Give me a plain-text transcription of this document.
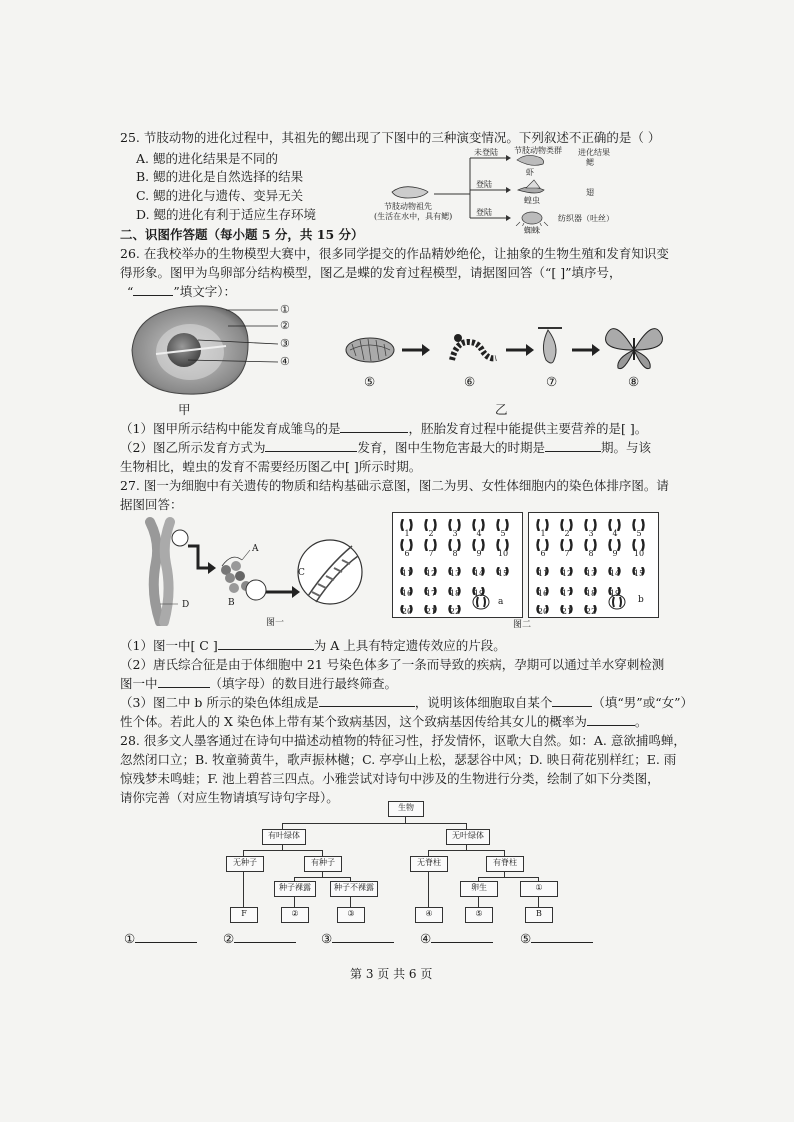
25. 节肢动物的进化过程中，其祖先的鳃出现了下图中的三种演变情况。下列叙述不正确的是（ ）
A. 鳃的进化结果是不同的
B. 鳃的进化是自然选择的结果
C. 鳃的进化与遗传、变异无关
D. 鳃的进化有利于适应生存环境
节肢动物祖先
(生活在水中，具有鳃)
未登陆
登陆
登陆
节肢动物类群 进化结果
虾
鳃
蝗虫
翅
蜘蛛
纺织器（吐丝）
二、识图作答题（每小题 5 分，共 15 分）
26. 在我校举办的生物模型大赛中，很多同学提交的作品精妙绝伦，让抽象的生物生殖和发育知识变
得形象。图甲为鸟卵部分结构模型，图乙是蝶的发育过程模型，请据图回答（“[ ]”填序号，
“	”填文字）：
①
②
③
④
甲
⑤	⑥	⑦	⑧
乙
（1）图甲所示结构中能发育成雏鸟的是	，胚胎发育过程中能提供主要营养的是[ ]。
（2）图乙所示发育方式为	发育，图中生物危害最大的时期是	期。与该
生物相比，蝗虫的发育不需要经历图乙中[ ]所示时期。
27. 图一为细胞中有关遗传的物质和结构基础示意图，图二为男、女性体细胞内的染色体排序图。请
据图回答：
A
B
C
D
图一
1	2	3	4	5
6	7	8	9	10
11 12 13 14 15
16 17 18 19
20 21 22
1	2	3	4	5
6	7	8	9	10
11 12 13 14 15
16 17 18 19
20 21 22
a	b
图二
（1）图一中[ C ]	为 A 上具有特定遗传效应的片段。
（2）唐氏综合征是由于体细胞中 21 号染色体多了一条而导致的疾病，孕期可以通过羊水穿刺检测
图一中	（填字母）的数目进行最终筛查。
（3）图二中 b 所示的染色体组成是	，说明该体细胞取自某个	（填“男”或“女”）
性个体。若此人的 X 染色体上带有某个致病基因，这个致病基因传给其女儿的概率为	。
28. 很多文人墨客通过在诗句中描述动植物的特征习性，抒发情怀，讴歌大自然。如：A. 意欲捕鸣蝉，
忽然闭口立；B. 牧童骑黄牛，歌声振林樾；C. 亭亭山上松，瑟瑟谷中风；D. 映日荷花别样红；E. 雨
惊残梦未鸣蛙；F. 池上碧苔三四点。小雅尝试对诗句中涉及的生物进行分类，绘制了如下分类图，
请你完善（对应生物请填写诗句字母）。
生物
有叶绿体	无叶绿体
无种子	有种子	无脊柱	有脊柱
种子裸露	种子不裸露	卵生	①
F	②	③	④	⑤	B
①	②	③	④	⑤
第 3 页 共 6 页
